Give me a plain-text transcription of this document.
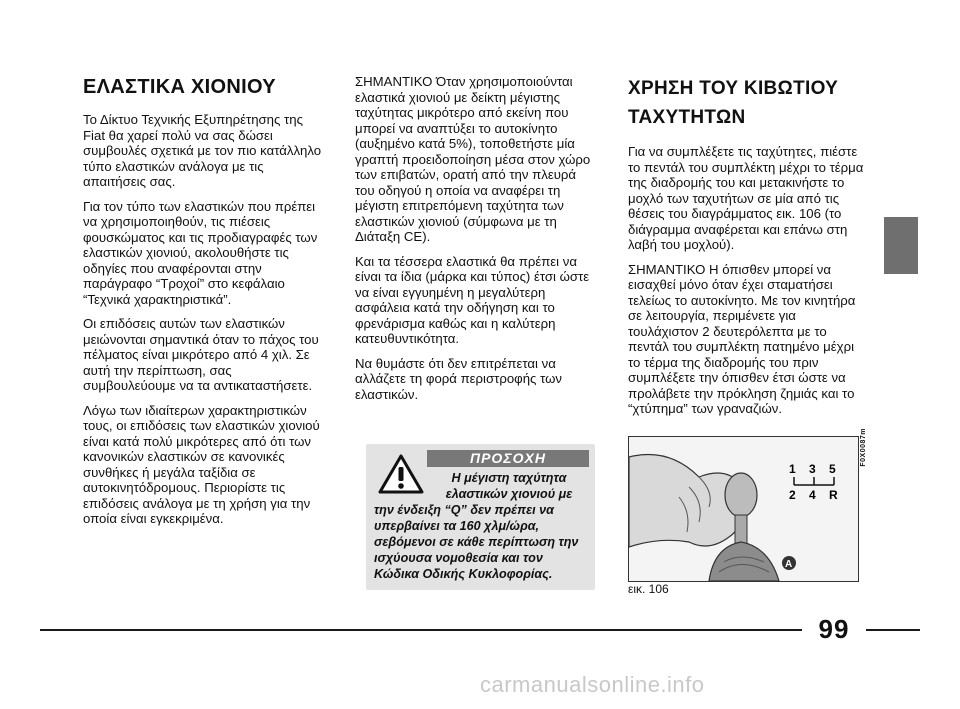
ΕΛΑΣΤΙΚΑ ΧΙΟΝΙΟΥ

Το Δίκτυο Τεχνικής Εξυπηρέτησης της Fiat θα χαρεί πολύ να σας δώσει συμβουλές σχετικά με τον πιο κατάλληλο τύπο ελαστικών ανάλογα με τις απαιτήσεις σας.

Για τον τύπο των ελαστικών που πρέπει να χρησιμοποιηθούν, τις πιέσεις φουσκώματος και τις προδιαγραφές των ελαστικών χιονιού, ακολουθήστε τις οδηγίες που αναφέρονται στην παράγραφο “Τροχοί” στο κεφάλαιο “Τεχνικά χαρακτηριστικά”.

Οι επιδόσεις αυτών των ελαστικών μειώνονται σημαντικά όταν το πάχος του πέλματος είναι μικρότερο από 4 χιλ. Σε αυτή την περίπτωση, σας συμβουλεύουμε να τα αντικαταστήσετε.

Λόγω των ιδιαίτερων χαρακτηριστικών τους, οι επιδόσεις των ελαστικών χιονιού είναι κατά πολύ μικρότερες από ότι των κανονικών ελαστικών σε κανονικές συνθήκες ή μεγάλα ταξίδια σε αυτοκινητόδρομους. Περιορίστε τις επιδόσεις ανάλογα με τη χρήση για την οποία είναι εγκεκριμένα.

ΣΗΜΑΝΤΙΚΟ Όταν χρησιμοποιούνται ελαστικά χιονιού με δείκτη μέγιστης ταχύτητας μικρότερο από εκείνη που μπορεί να αναπτύξει το αυτοκίνητο (αυξημένο κατά 5%), τοποθετήστε μία γραπτή προειδοποίηση μέσα στον χώρο των επιβατών, ορατή από την πλευρά του οδηγού η οποία να αναφέρει τη μέγιστη επιτρεπόμενη ταχύτητα των ελαστικών χιονιού (σύμφωνα με τη Διάταξη CE).

Και τα τέσσερα ελαστικά θα πρέπει να είναι τα ίδια (μάρκα και τύπος) έτσι ώστε να είναι εγγυημένη η μεγαλύτερη ασφάλεια κατά την οδήγηση και το φρενάρισμα καθώς και η καλύτερη κατευθυντικότητα.

Να θυμάστε ότι δεν επιτρέπεται να αλλάζετε τη φορά περιστροφής των ελαστικών.

ΠΡΟΣΟΧΗ
Η μέγιστη ταχύτητα ελαστικών χιονιού με
την ένδειξη “Q” δεν πρέπει να υπερβαίνει τα 160 χλμ/ώρα, σεβόμενοι σε κάθε περίπτωση την ισχύουσα νομοθεσία και τον Κώδικα Οδικής Κυκλοφορίας.
ΧΡΗΣΗ ΤΟΥ ΚΙΒΩΤΙΟΥ
ΤΑΧΥΤΗΤΩΝ

Για να συμπλέξετε τις ταχύτητες, πιέστε το πεντάλ του συμπλέκτη μέχρι το τέρμα της διαδρομής του και μετακινήστε το μοχλό των ταχυτήτων σε μία από τις θέσεις του διαγράμματος εικ. 106 (το διάγραμμα αναφέρεται και επάνω στη λαβή του μοχλού).

ΣΗΜΑΝΤΙΚΟ Η όπισθεν μπορεί να εισαχθεί μόνο όταν έχει σταματήσει τελείως το αυτοκίνητο. Με τον κινητήρα σε λειτουργία, περιμένετε για τουλάχιστον 2 δευτερόλεπτα με το πεντάλ του συμπλέκτη πατημένο μέχρι το τέρμα της διαδρομής του πριν συμπλέξετε την όπισθεν έτσι ώστε να προλάβετε την πρόκληση ζημιάς και το “χτύπημα” των γραναζιών.

1 3 5
2 4 R
A
F0X0087m
εικ. 106
99
carmanualsonline.info
